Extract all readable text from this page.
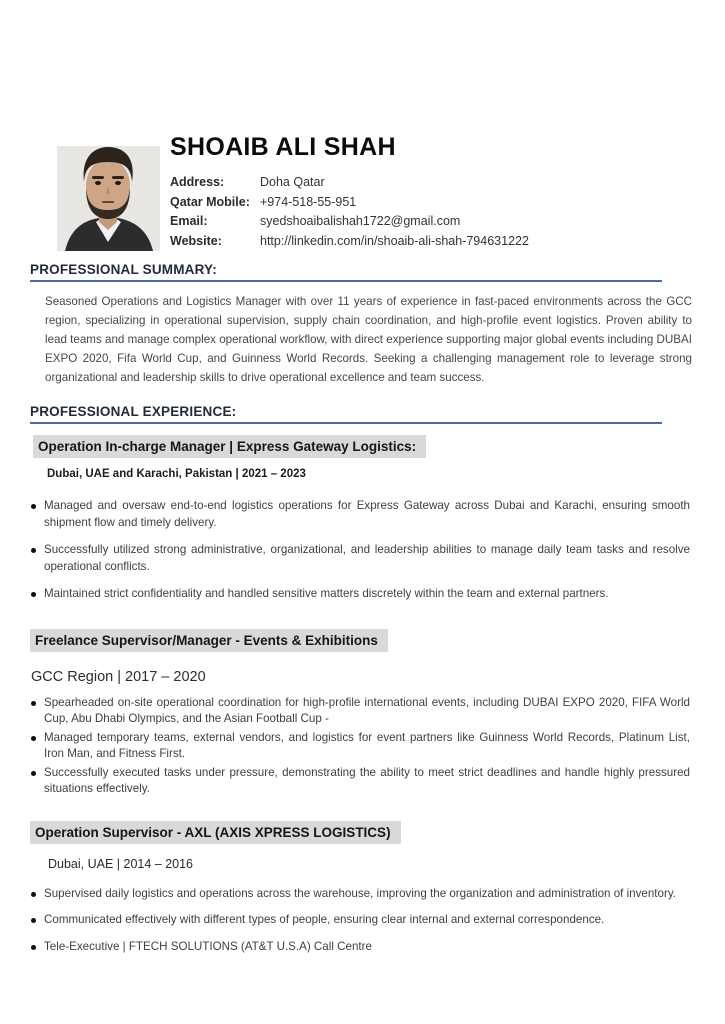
SHOAIB ALI SHAH
Address:	Doha Qatar
Qatar Mobile: +974-518-55-951
Email:	syedshoaibalishah1722@gmail.com
Website:	http://linkedin.com/in/shoaib-ali-shah-794631222
PROFESSIONAL SUMMARY:

Seasoned Operations and Logistics Manager with over 11 years of experience in fast-paced environments across the GCC region, specializing in operational supervision, supply chain coordination, and high-profile event logistics. Proven ability to lead teams and manage complex operational workflow, with direct experience supporting major global events including DUBAI EXPO 2020, Fifa World Cup, and Guinness World Records. Seeking a challenging management role to leverage strong organizational and leadership skills to drive operational excellence and team success.

PROFESSIONAL EXPERIENCE:
Operation In-charge Manager | Express Gateway Logistics:
Dubai, UAE and Karachi, Pakistan | 2021 – 2023
Managed and oversaw end-to-end logistics operations for Express Gateway across Dubai and Karachi, ensuring smooth shipment flow and timely delivery.
Successfully utilized strong administrative, organizational, and leadership abilities to manage daily team tasks and resolve operational conflicts.
Maintained strict confidentiality and handled sensitive matters discretely within the team and external partners.
Freelance Supervisor/Manager - Events & Exhibitions
GCC Region | 2017 – 2020
Spearheaded on-site operational coordination for high-profile international events, including DUBAI EXPO 2020, FIFA World Cup, Abu Dhabi Olympics, and the Asian Football Cup -
Managed temporary teams, external vendors, and logistics for event partners like Guinness World Records, Platinum List, Iron Man, and Fitness First.
Successfully executed tasks under pressure, demonstrating the ability to meet strict deadlines and handle highly pressured situations effectively.
Operation Supervisor - AXL (AXIS XPRESS LOGISTICS)
Dubai, UAE | 2014 – 2016
Supervised daily logistics and operations across the warehouse, improving the organization and administration of inventory.
Communicated effectively with different types of people, ensuring clear internal and external correspondence.
Tele-Executive | FTECH SOLUTIONS (AT&T U.S.A) Call Centre
